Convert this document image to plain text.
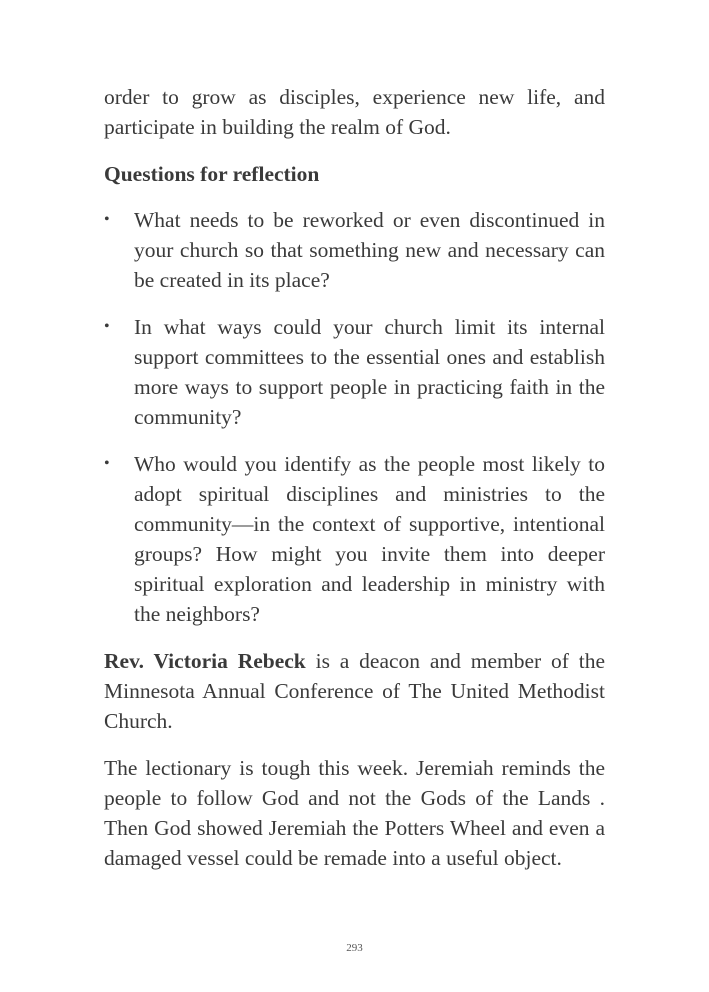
order to grow as disciples, experience new life, and participate in building the realm of God.

Questions for reflection

• What needs to be reworked or even discontinued in your church so that something new and necessary can be created in its place?
• In what ways could your church limit its internal support committees to the essential ones and establish more ways to support people in practicing faith in the community?
• Who would you identify as the people most likely to adopt spiritual disciplines and ministries to the community—in the context of supportive, intentional groups? How might you invite them into deeper spiritual exploration and leadership in ministry with the neighbors?

Rev. Victoria Rebeck is a deacon and member of the Minnesota Annual Conference of The United Methodist Church.

The lectionary is tough this week. Jeremiah reminds the people to follow God and not the Gods of the Lands . Then God showed Jeremiah the Potters Wheel and even a damaged vessel could be remade into a useful object.

293
